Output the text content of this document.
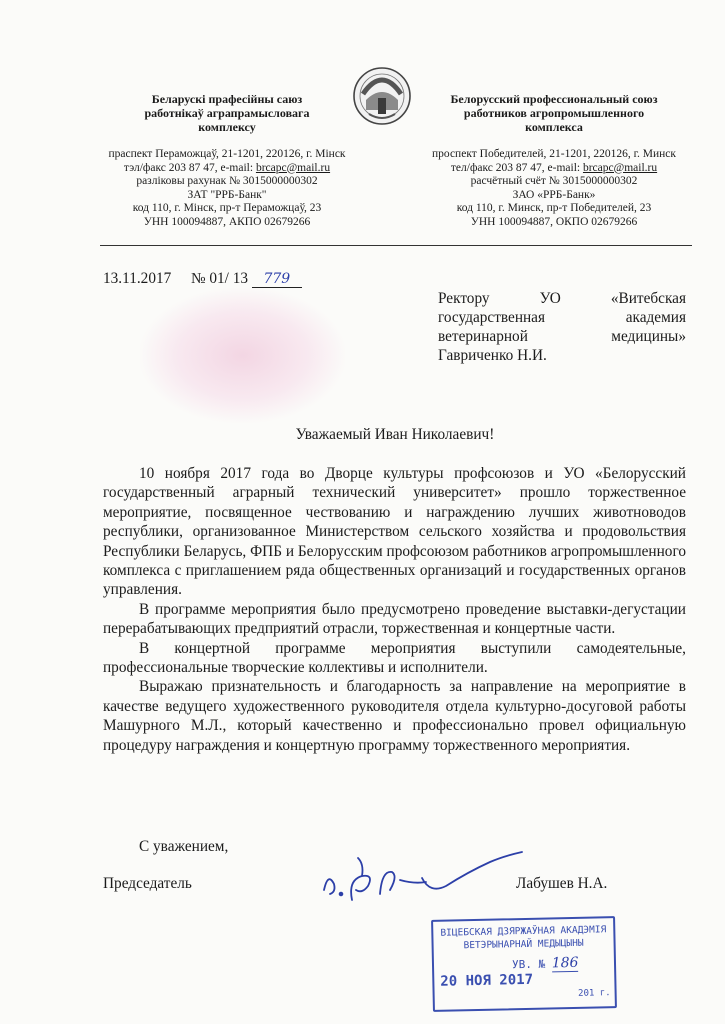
Беларускі прафесійны саюз
работнікаў аграпрамысловага
комплексу
праспект Пераможцаў, 21-1201, 220126, г. Мінск
тэл/факс 203 87 47, e-mail: brcapc@mail.ru
разліковы рахунак № 3015000000302
ЗАТ "РРБ-Банк"
код 110, г. Мінск, пр-т Пераможцаў, 23
УНН 100094887, АКПО 02679266
Белорусский профессиональный союз
работников агропромышленного
комплекса
проспект Победителей, 21-1201, 220126, г. Минск
тел/факс 203 87 47, e-mail: brcapc@mail.ru
расчётный счёт № 3015000000302
ЗАО «РРБ-Банк»
код 110, г. Минск, пр-т Победителей, 23
УНН 100094887, ОКПО 02679266
13.11.2017 № 01/ 13 779
Ректору	УО	«Витебская
государственная	академия
ветеринарной	медицины»
Гавриченко Н.И.
Уважаемый Иван Николаевич!

10 ноября 2017 года во Дворце культуры профсоюзов и УО «Белорусский государственный аграрный технический университет» прошло торжественное мероприятие, посвященное чествованию и награждению лучших животноводов республики, организованное Министерством сельского хозяйства и продовольствия Республики Беларусь, ФПБ и Белорусским профсоюзом работников агропромышленного комплекса с приглашением ряда общественных организаций и государственных органов управления.

В программе мероприятия было предусмотрено проведение выставки-дегустации перерабатывающих предприятий отрасли, торжественная и концертные части.

В концертной программе мероприятия выступили самодеятельные, профессиональные творческие коллективы и исполнители.

Выражаю признательность и благодарность за направление на мероприятие в качестве ведущего художественного руководителя отдела культурно-досуговой работы Машурного М.Л., который качественно и профессионально провел официальную процедуру награждения и концертную программу торжественного мероприятия.

С уважением,
Председатель	Лабушев Н.А.
ВІЦЕБСКАЯ ДЗЯРЖАЎНАЯ АКАДЭМІЯ
ВЕТЭРЫНАРНАЙ МЕДЫЦЫНЫ
УВ. № 186
20 НОЯ 2017
201 г.
